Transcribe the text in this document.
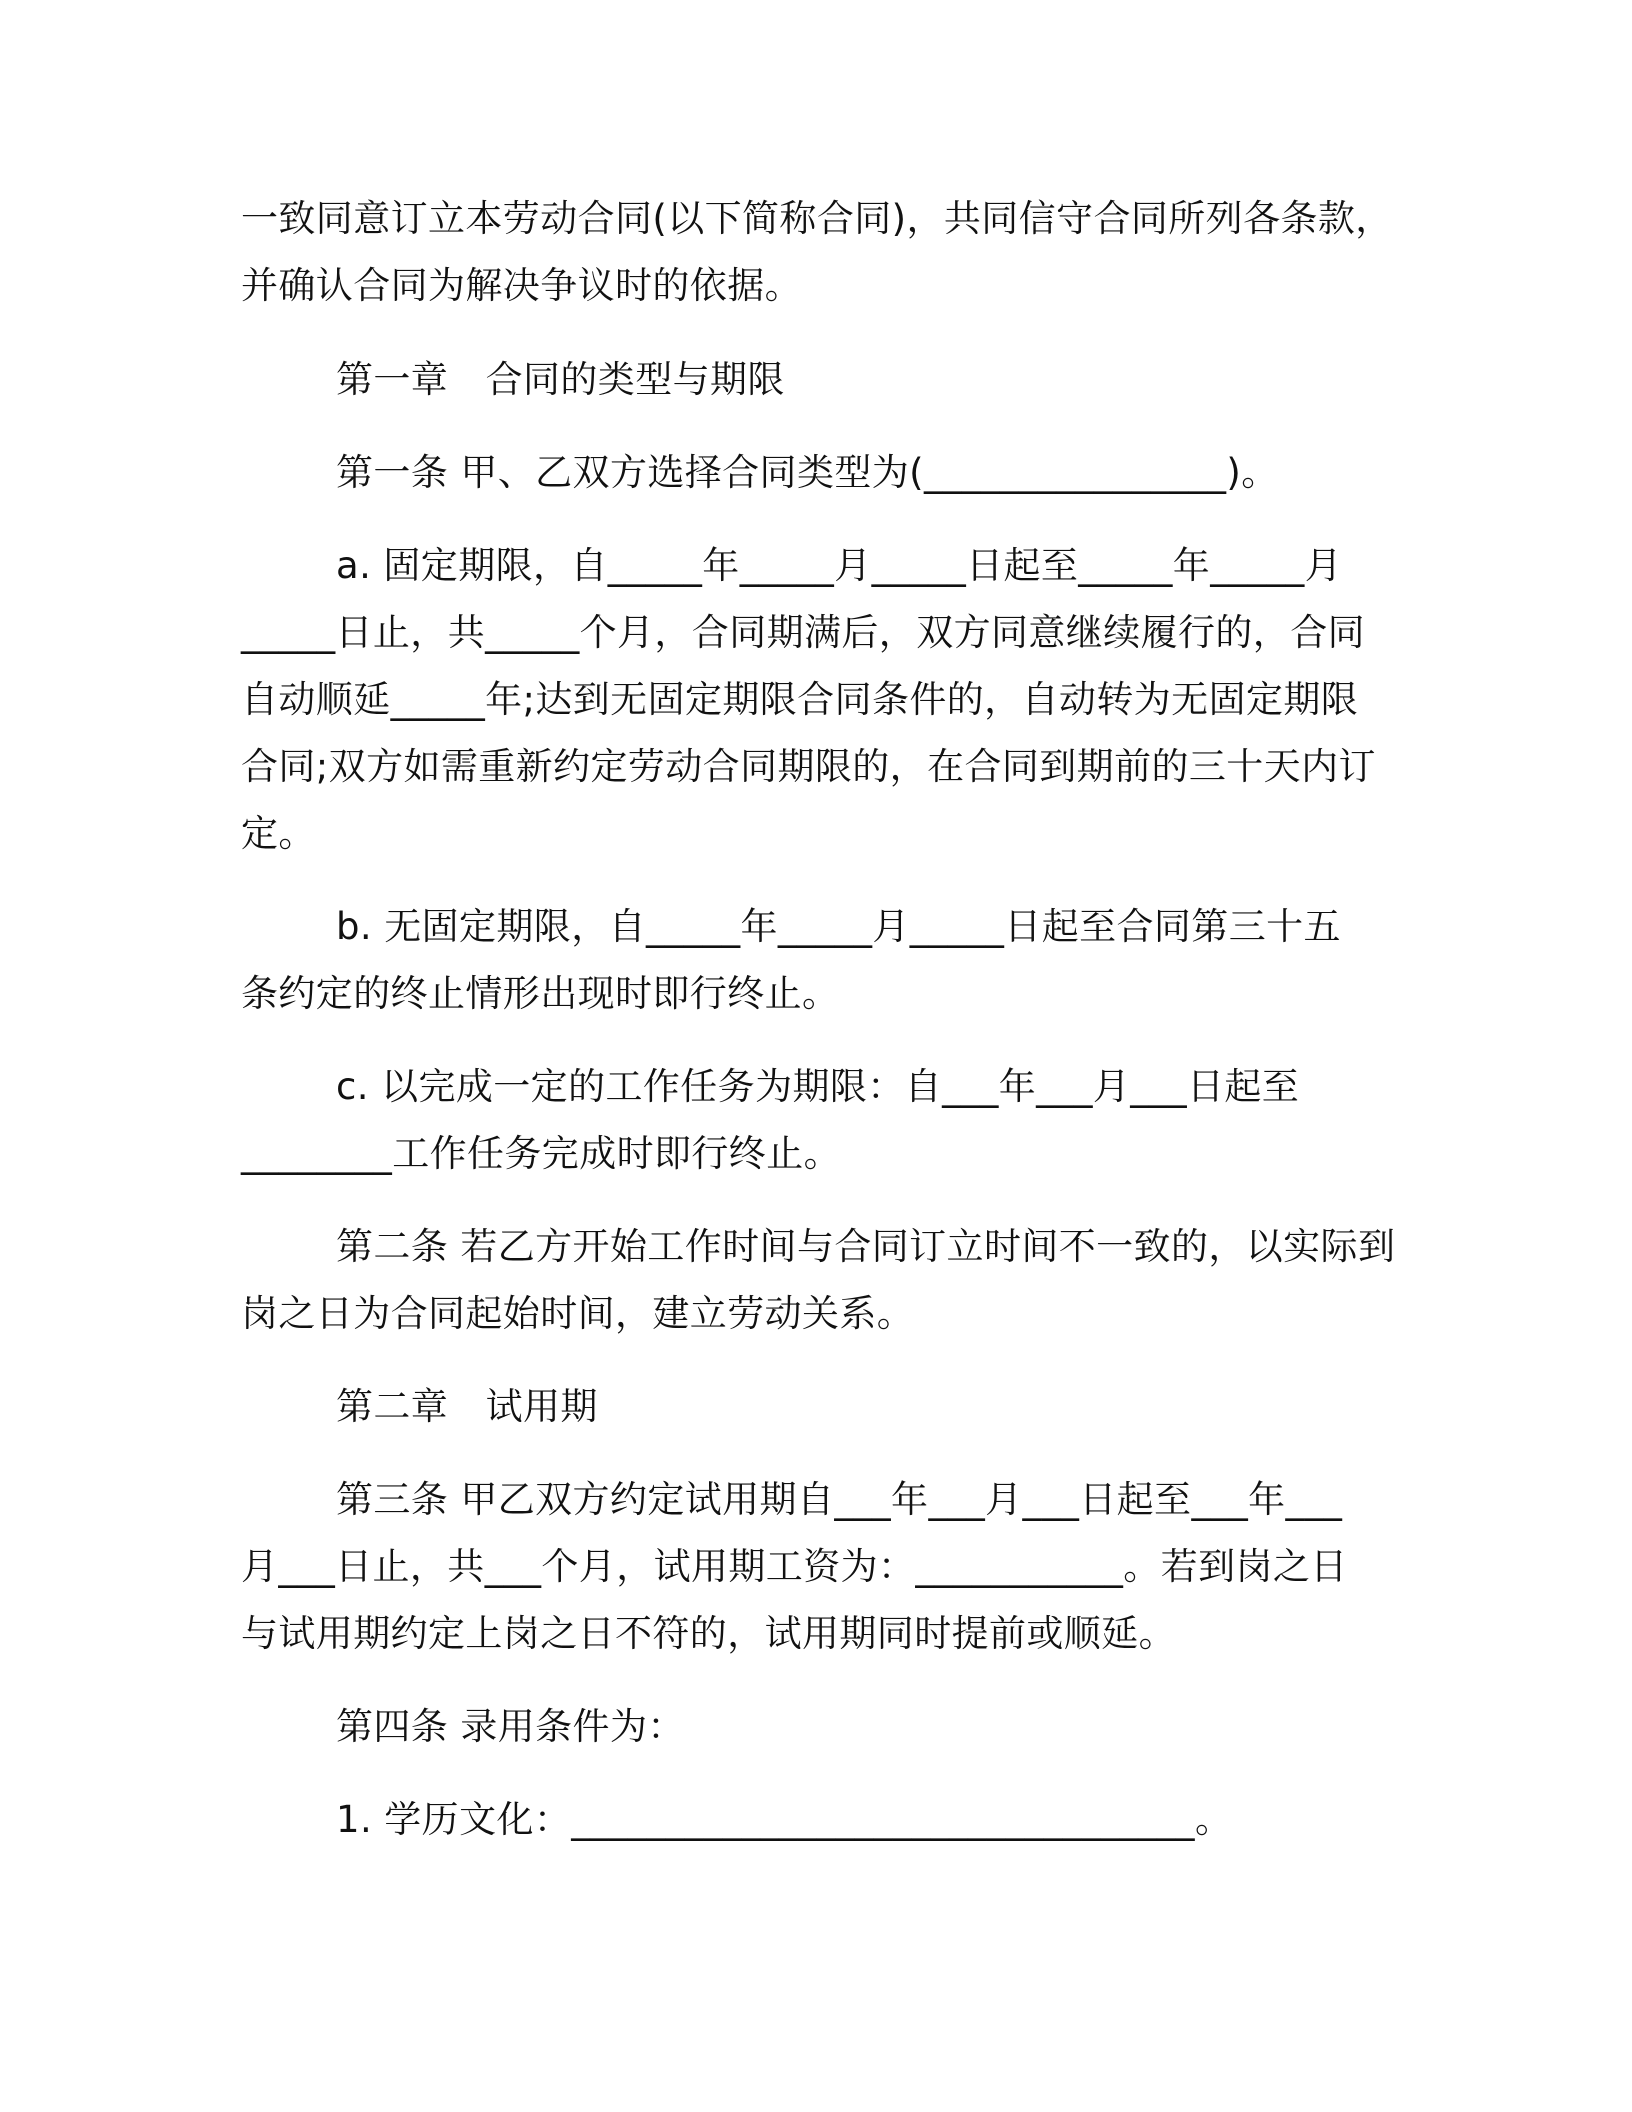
一致同意订立本劳动合同(以下简称合同)，共同信守合同所列各条款，
并确认合同为解决争议时的依据。
第一章　合同的类型与期限
第一条 甲、乙双方选择合同类型为(________________)。
a. 固定期限，自_____年_____月_____日起至_____年_____月
_____日止，共_____个月，合同期满后，双方同意继续履行的，合同
自动顺延_____年;达到无固定期限合同条件的，自动转为无固定期限
合同;双方如需重新约定劳动合同期限的，在合同到期前的三十天内订
定。
b. 无固定期限，自_____年_____月_____日起至合同第三十五
条约定的终止情形出现时即行终止。
c. 以完成一定的工作任务为期限：自___年___月___日起至
________工作任务完成时即行终止。
第二条 若乙方开始工作时间与合同订立时间不一致的，以实际到
岗之日为合同起始时间，建立劳动关系。
第二章　试用期
第三条 甲乙双方约定试用期自___年___月___日起至___年___
月___日止，共___个月，试用期工资为：___________。若到岗之日
与试用期约定上岗之日不符的，试用期同时提前或顺延。
第四条 录用条件为：
1. 学历文化：_________________________________。
